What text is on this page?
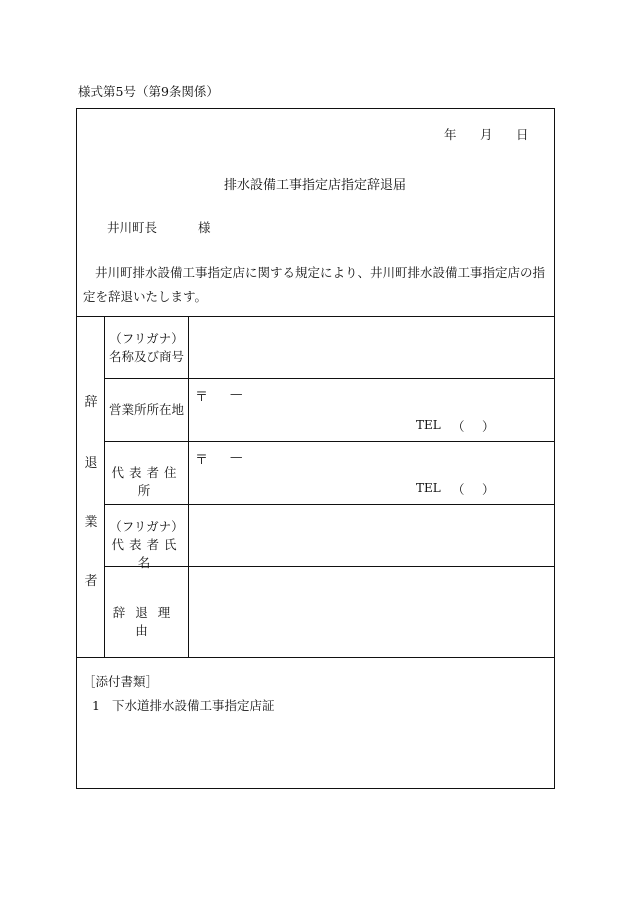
様式第5号（第9条関係）
年 月 日
排水設備工事指定店指定辞退届
井川町長	様
井川町排水設備工事指定店に関する規定により、井川町排水設備工事指定店の指定を辞退いたします。
辞
退
業
者
（フリガナ）
名称及び商号
営業所所在地
〒 —
TEL （ ）
代表者住所
〒 —
TEL （ ）
（フリガナ）
代表者氏名
辞退理由
［添付書類］
1 下水道排水設備工事指定店証
